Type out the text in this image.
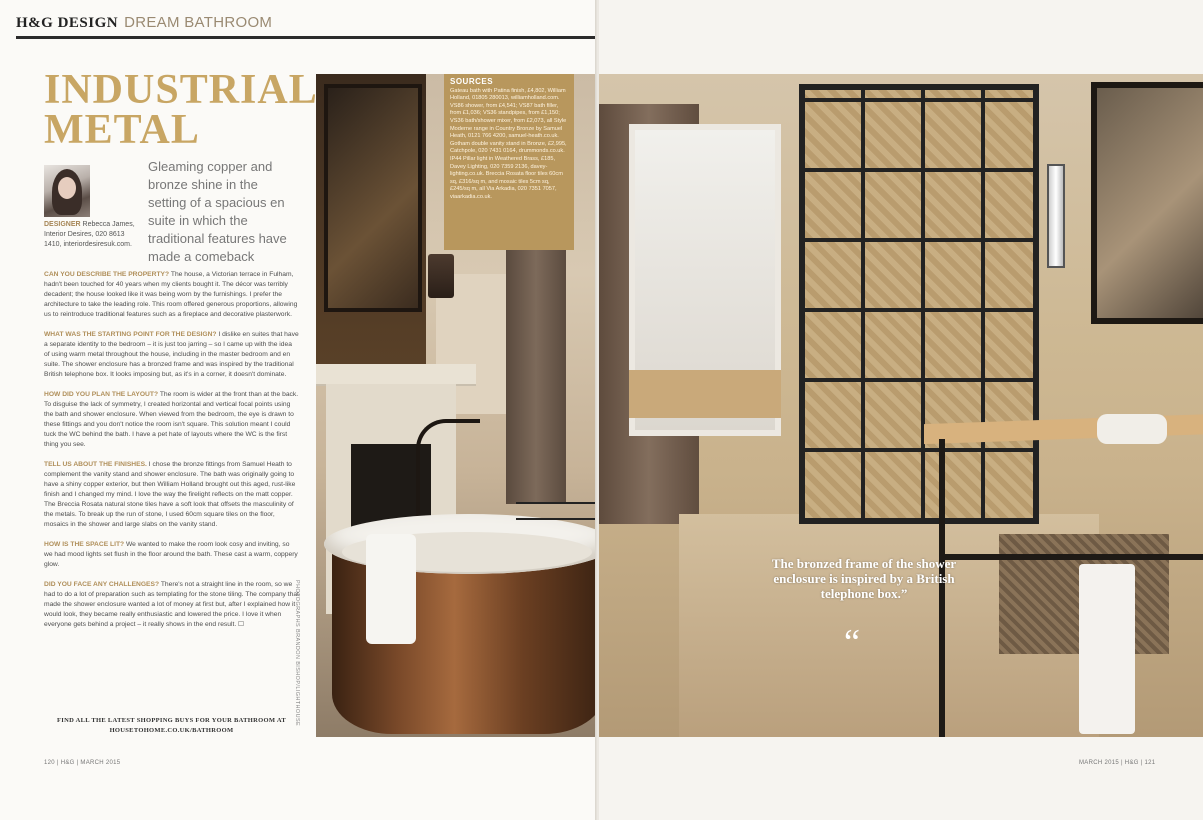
H&G DESIGN DREAM BATHROOM
INDUSTRIAL METAL
DESIGNER Rebecca James, Interior Desires, 020 8613 1410, interiordesiresuk.com.
Gleaming copper and bronze shine in the setting of a spacious en suite in which the traditional features have made a comeback

CAN YOU DESCRIBE THE PROPERTY? The house, a Victorian terrace in Fulham, hadn't been touched for 40 years when my clients bought it. The décor was terribly decadent; the house looked like it was being worn by the furnishings. I prefer the architecture to take the leading role. This room offered generous proportions, allowing us to reintroduce traditional features such as a fireplace and decorative plasterwork.

WHAT WAS THE STARTING POINT FOR THE DESIGN? I dislike en suites that have a separate identity to the bedroom – it is just too jarring – so I came up with the idea of using warm metal throughout the house, including in the master bedroom and en suite. The shower enclosure has a bronzed frame and was inspired by the traditional British telephone box. It looks imposing but, as it's in a corner, it doesn't dominate.

HOW DID YOU PLAN THE LAYOUT? The room is wider at the front than at the back. To disguise the lack of symmetry, I created horizontal and vertical focal points using the bath and shower enclosure. When viewed from the bedroom, the eye is drawn to these fittings and you don't notice the room isn't square. This solution meant I could tuck the WC behind the bath. I have a pet hate of layouts where the WC is the first thing you see.

TELL US ABOUT THE FINISHES. I chose the bronze fittings from Samuel Heath to complement the vanity stand and shower enclosure. The bath was originally going to have a shiny copper exterior, but then William Holland brought out this aged, rust-like finish and I changed my mind. I love the way the firelight reflects on the matt copper. The Breccia Rosata natural stone tiles have a soft look that offsets the masculinity of the metals. To break up the run of stone, I used 60cm square tiles on the floor, mosaics in the shower and large slabs on the vanity stand.

HOW IS THE SPACE LIT? We wanted to make the room look cosy and inviting, so we had mood lights set flush in the floor around the bath. These cast a warm, coppery glow.

DID YOU FACE ANY CHALLENGES? There's not a straight line in the room, so we had to do a lot of preparation such as templating for the stone tiling. The company that made the shower enclosure wanted a lot of money at first but, after I explained how it would look, they became really enthusiastic and lowered the price. I love it when everyone gets behind a project – it really shows in the end result. ☐

FIND ALL THE LATEST SHOPPING BUYS FOR YOUR BATHROOM AT HOUSETOHOME.CO.UK/BATHROOM
120 | H&G | MARCH 2015
PHOTOGRAPHS BRANDON BISHOP/LIGHTHOUSE
SOURCES
Gateau bath with Patina finish, £4,802, William Holland, 01805 280013, williamholland.com. VS86 shower, from £4,541; VS87 bath filler, from £1,036; VS36 standpipes, from £1,150; VS36 bath/shower mixer, from £2,073, all Style Moderne range in Country Bronze by Samuel Heath, 0121 766 4200, samuel-heath.co.uk. Gotham double vanity stand in Bronze, £2,995, Catchpole, 020 7431 0164, drummonds.co.uk. IP44 Pillar light in Weathered Brass, £185, Davey Lighting, 020 7359 2136, davey-lighting.co.uk. Breccia Rosata floor tiles 60cm sq, £316/sq m, and mosaic tiles 5cm sq, £245/sq m, all Via Arkadia, 020 7351 7057, viaarkadia.co.uk.
“
The bronzed frame of the shower enclosure is inspired by a British telephone box.”
MARCH 2015 | H&G | 121
